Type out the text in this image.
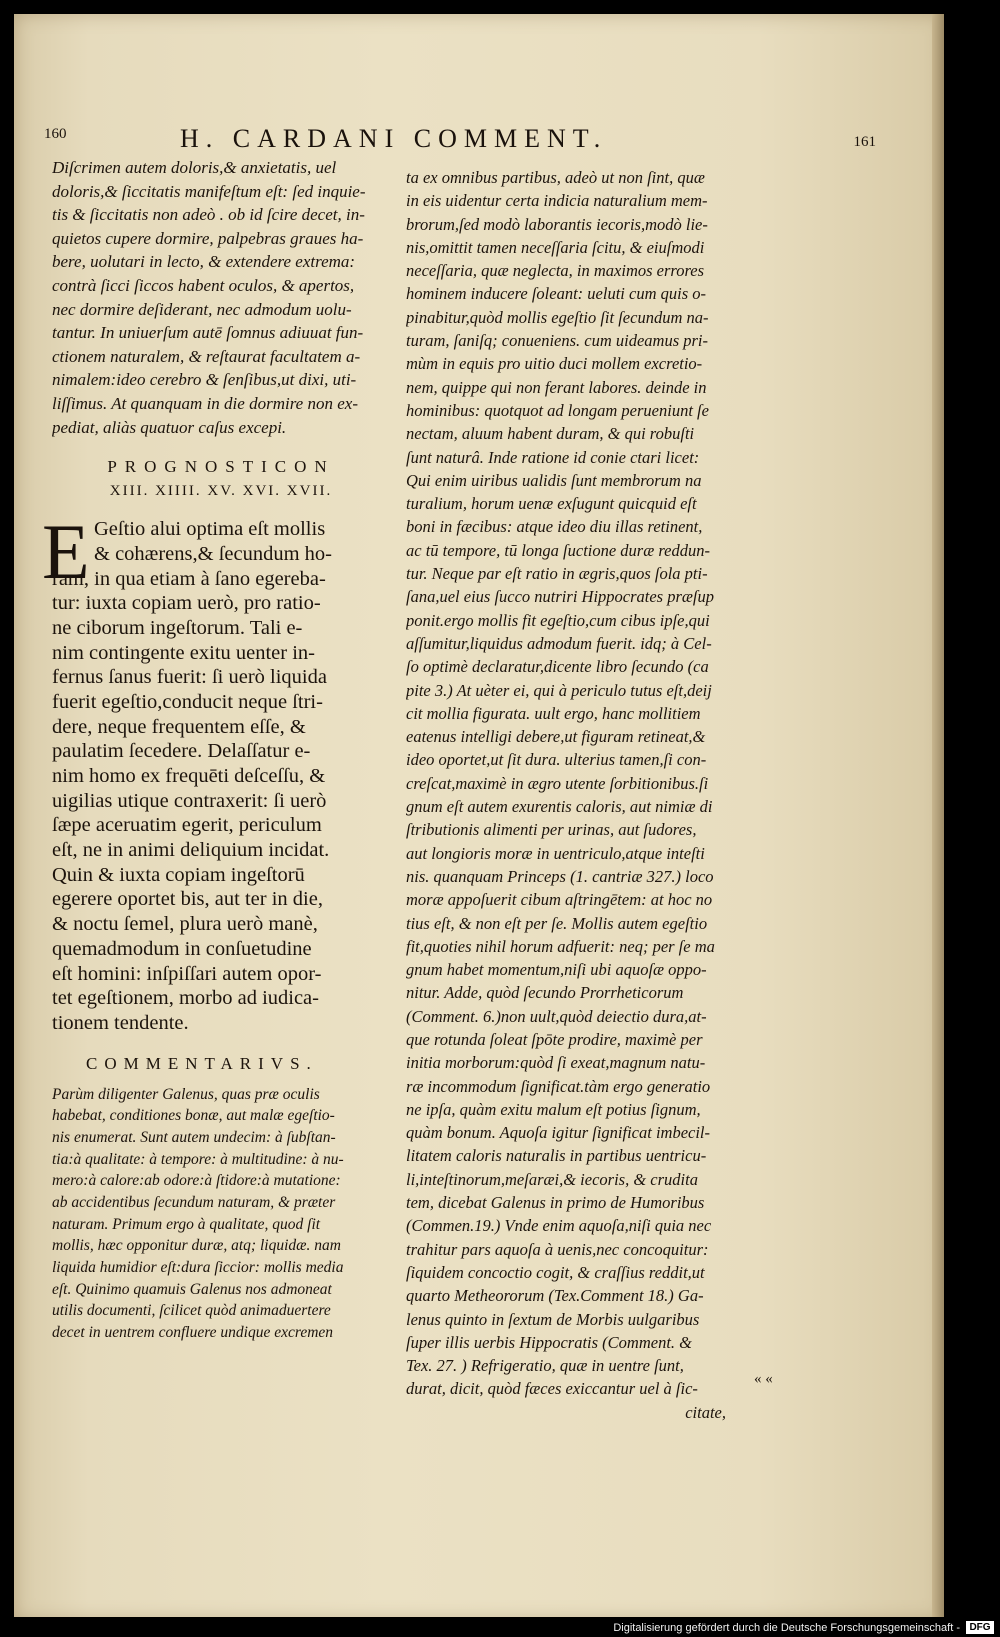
160	H. CARDANI COMMENT.	161
Diſcrimen autem doloris,& anxietatis, uel
doloris,& ſiccitatis manifeſtum eſt: ſed inquie-
tis & ſiccitatis non adeò . ob id ſcire decet, in-
quietos cupere dormire, palpebras graues ha-
bere, uolutari in lecto, & extendere extrema:
contrà ſicci ſiccos habent oculos, & apertos,
nec dormire deſiderant, nec admodum uolu-
tantur. In uniuerſum autē ſomnus adiuuat fun-
ctionem naturalem, & reſtaurat facultatem a-
nimalem:ideo cerebro & ſenſibus,ut dixi, uti-
liſſimus. At quanquam in die dormire non ex-
pediat, aliàs quatuor caſus excepi.
PROGNOSTICON
XIII. XIIII. XV. XVI. XVII.
E Geſtio alui optima eſt mollis
& cohærens,& ſecundum ho-
ram, in qua etiam à ſano egereba-
tur: iuxta copiam uerò, pro ratio-
ne ciborum ingeſtorum. Tali e-
nim contingente exitu uenter in-
fernus ſanus fuerit: ſi uerò liquida
fuerit egeſtio,conducit neque ſtri-
dere, neque frequentem eſſe, &
paulatim ſecedere. Delaſſatur e-
nim homo ex frequēti deſceſſu, &
uigilias utique contraxerit: ſi uerò
ſæpe aceruatim egerit, periculum
eſt, ne in animi deliquium incidat.
Quin & iuxta copiam ingeſtorū
egerere oportet bis, aut ter in die,
& noctu ſemel, plura uerò manè,
quemadmodum in conſuetudine
eſt homini: inſpiſſari autem opor-
tet egeſtionem, morbo ad iudica-
tionem tendente.
COMMENTARIVS.
Parùm diligenter Galenus, quas præ oculis
habebat, conditiones bonæ, aut malæ egeſtio-
nis enumerat. Sunt autem undecim: à ſubſtan-
tia:à qualitate: à tempore: à multitudine: à nu-
mero:à calore:ab odore:à ſtidore:à mutatione:
ab accidentibus ſecundum naturam, & præter
naturam. Primum ergo à qualitate, quod ſit
mollis, hæc opponitur duræ, atq; liquidæ. nam
liquida humidior eſt:dura ſiccior: mollis media
eſt. Quinimo quamuis Galenus nos admoneat
utilis documenti, ſcilicet quòd animaduertere
decet in uentrem confluere undique excremen
ta ex omnibus partibus, adeò ut non ſint, quæ
in eis uidentur certa indicia naturalium mem-
brorum,ſed modò laborantis iecoris,modò lie-
nis,omittit tamen neceſſaria ſcitu, & eiuſmodi
neceſſaria, quæ neglecta, in maximos errores
hominem inducere ſoleant: ueluti cum quis o-
pinabitur,quòd mollis egeſtio ſit ſecundum na-
turam, ſaniſq; conueniens. cum uideamus pri-
mùm in equis pro uitio duci mollem excretio-
nem, quippe qui non ferant labores. deinde in
hominibus: quotquot ad longam perueniunt ſe
nectam, aluum habent duram, & qui robuſti
ſunt naturâ. Inde ratione id conie ctari licet:
Qui enim uiribus ualidis ſunt membrorum na
turalium, horum uenæ exſugunt quicquid eſt
boni in fæcibus: atque ideo diu illas retinent,
ac tū tempore, tū longa ſuctione duræ reddun-
tur. Neque par eſt ratio in ægris,quos ſola pti-
ſana,uel eius ſucco nutriri Hippocrates præſup
ponit.ergo mollis fit egeſtio,cum cibus ipſe,qui
aſſumitur,liquidus admodum fuerit. idq; à Cel-
ſo optimè declaratur,dicente libro ſecundo (ca
pite 3.) At uèter ei, qui à periculo tutus eſt,deij
cit mollia figurata. uult ergo, hanc mollitiem
eatenus intelligi debere,ut figuram retineat,&
ideo oportet,ut ſit dura. ulterius tamen,ſi con-
creſcat,maximè in ægro utente ſorbitionibus.ſi
gnum eſt autem exurentis caloris, aut nimiæ di
ſtributionis alimenti per urinas, aut ſudores,
aut longioris moræ in uentriculo,atque inteſti
nis. quanquam Princeps (1. cantriæ 327.) loco
moræ appoſuerit cibum aſtringētem: at hoc no
tius eſt, & non eſt per ſe. Mollis autem egeſtio
fit,quoties nihil horum adfuerit: neq; per ſe ma
gnum habet momentum,niſi ubi aquoſæ oppo-
nitur. Adde, quòd ſecundo Prorrheticorum
(Comment. 6.)non uult,quòd deiectio dura,at-
que rotunda ſoleat ſpōte prodire, maximè per
initia morborum:quòd ſi exeat,magnum natu-
ræ incommodum ſignificat.tàm ergo generatio
ne ipſa, quàm exitu malum eſt potius ſignum,
quàm bonum. Aquoſa igitur ſignificat imbecil-
litatem caloris naturalis in partibus uentricu-
li,inteſtinorum,meſaræi,& iecoris, & crudita
tem, dicebat Galenus in primo de Humoribus
(Commen.19.) Vnde enim aquoſa,niſi quia nec
trahitur pars aquoſa à uenis,nec concoquitur:
ſiquidem concoctio cogit, & craſſius reddit,ut
quarto Metheororum (Tex.Comment 18.) Ga-
lenus quinto in ſextum de Morbis uulgaribus
ſuper illis uerbis Hippocratis (Comment. &
Tex. 27. ) Refrigeratio, quæ in uentre ſunt,
durat, dicit, quòd fæces exiccantur uel à ſic-
citate,
« «
Digitalisierung gefördert durch die Deutsche Forschungsgemeinschaft - DFG
